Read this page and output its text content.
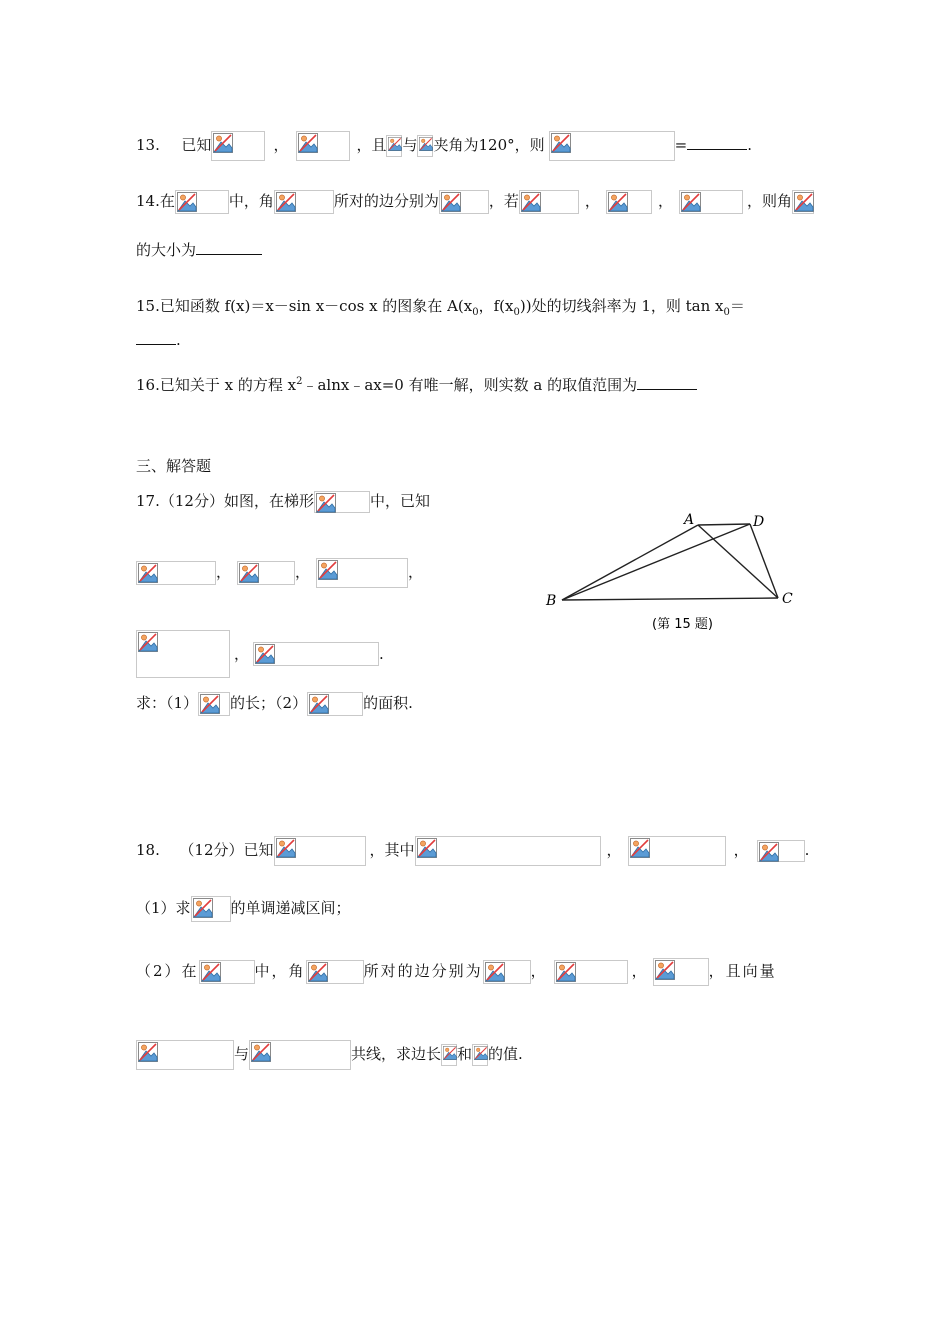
13. 已知	，	，且 与 夹角为120°，则	=	.
14.在	中，角	所对的边分别为	，若	，	，	，则角
的大小为
15.已知函数 f(x)＝x－sin x－cos x 的图象在 $A(x_0$，$f(x_0)$)处的切线斜率为 1，则 $\tan x_0=$
.
16.已知关于 x 的方程 $x^2﹣alnx﹣ax=0$ 有唯一解，则实数 a 的取值范围为
三、解答题
17.（12分）如图，在梯形	中，已知
，	，	，
，	.
求：（1） 的长；（2）	的面积.
A	D
B	C
(第 15 题)
18. （12分）已知	，其中	，	，	.
（1）求	的单调递减区间；
（2）在	中，角	所对的边分别为	，	，	，且向量
与	共线，求边长 和 的值.
